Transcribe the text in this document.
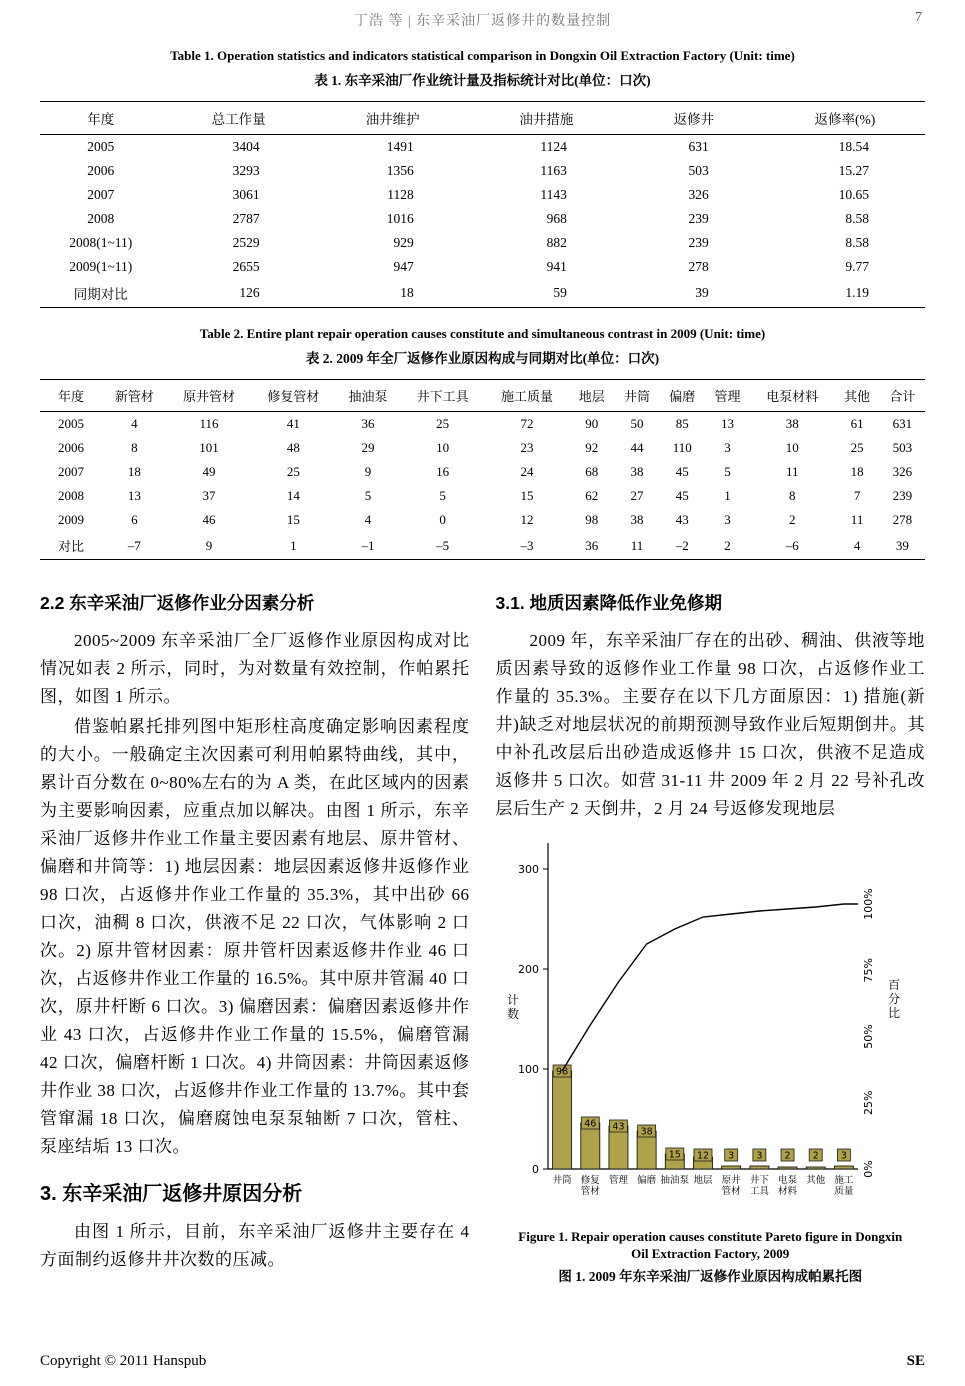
丁浩 等 | 东辛采油厂返修井的数量控制	7
Table 1. Operation statistics and indicators statistical comparison in Dongxin Oil Extraction Factory (Unit: time)
表 1. 东辛采油厂作业统计量及指标统计对比(单位：口次)
年度	总工作量	油井维护	油井措施	返修井	返修率(%)
2005	3404	1491	1124	631	18.54
2006	3293	1356	1163	503	15.27
2007	3061	1128	1143	326	10.65
2008	2787	1016	968	239	8.58
2008(1~11)	2529	929	882	239	8.58
2009(1~11)	2655	947	941	278	9.77
同期对比	126	18	59	39	1.19
Table 2. Entire plant repair operation causes constitute and simultaneous contrast in 2009 (Unit: time)
表 2. 2009 年全厂返修作业原因构成与同期对比(单位：口次)
年度	新管材	原井管材	修复管材	抽油泵	井下工具	施工质量	地层	井筒	偏磨	管理	电泵材料	其他	合计
2005	4	116	41	36	25	72	90	50	85	13	38	61	631
2006	8	101	48	29	10	23	92	44	110	3	10	25	503
2007	18	49	25	9	16	24	68	38	45	5	11	18	326
2008	13	37	14	5	5	15	62	27	45	1	8	7	239
2009	6	46	15	4	0	12	98	38	43	3	2	11	278
对比	–7	9	1	–1	–5	–3	36	11	–2	2	–6	4	39
2.2 东辛采油厂返修作业分因素分析

2005~2009 东辛采油厂全厂返修作业原因构成对比情况如表 2 所示，同时，为对数量有效控制，作帕累托图，如图 1 所示。

借鉴帕累托排列图中矩形柱高度确定影响因素程度的大小。一般确定主次因素可利用帕累特曲线，其中，累计百分数在 0~80%左右的为 A 类，在此区域内的因素为主要影响因素，应重点加以解决。由图 1 所示，东辛采油厂返修井作业工作量主要因素有地层、原井管材、偏磨和井筒等：1) 地层因素：地层因素返修井返修作业 98 口次，占返修井作业工作量的 35.3%，其中出砂 66 口次，油稠 8 口次，供液不足 22 口次，气体影响 2 口次。2) 原井管材因素：原井管杆因素返修井作业 46 口次，占返修井作业工作量的 16.5%。其中原井管漏 40 口次，原井杆断 6 口次。3) 偏磨因素：偏磨因素返修井作业 43 口次，占返修井作业工作量的 15.5%，偏磨管漏 42 口次，偏磨杆断 1 口次。4) 井筒因素：井筒因素返修井作业 38 口次，占返修井作业工作量的 13.7%。其中套管窜漏 18 口次，偏磨腐蚀电泵泵轴断 7 口次，管柱、泵座结垢 13 口次。

3. 东辛采油厂返修井原因分析

由图 1 所示，目前，东辛采油厂返修井主要存在 4 方面制约返修井井次数的压减。

3.1. 地质因素降低作业免修期

2009 年，东辛采油厂存在的出砂、稠油、供液等地质因素导致的返修作业工作量 98 口次，占返修作业工作量的 35.3%。主要存在以下几方面原因：1) 措施(新井)缺乏对地层状况的前期预测导致作业后短期倒井。其中补孔改层后出砂造成返修井 15 口次，供液不足造成返修井 5 口次。如营 31-11 井 2009 年 2 月 22 号补孔改层后生产 2 天倒井，2 月 24 号返修发现地层

0
100
200
300
计数
98
井筒
46
修复
管材
43
管理
38
偏磨
15
抽油泵
12
地层
3
原井
管材
3
井下
工具
2
电泵
材料
2
其他
3
施工
质量
0%
25%
50%
75%
100%
百分比
Figure 1. Repair operation causes constitute Pareto figure in Dongxin Oil Extraction Factory, 2009
图 1. 2009 年东辛采油厂返修作业原因构成帕累托图
Copyright © 2011 Hanspub	SE
